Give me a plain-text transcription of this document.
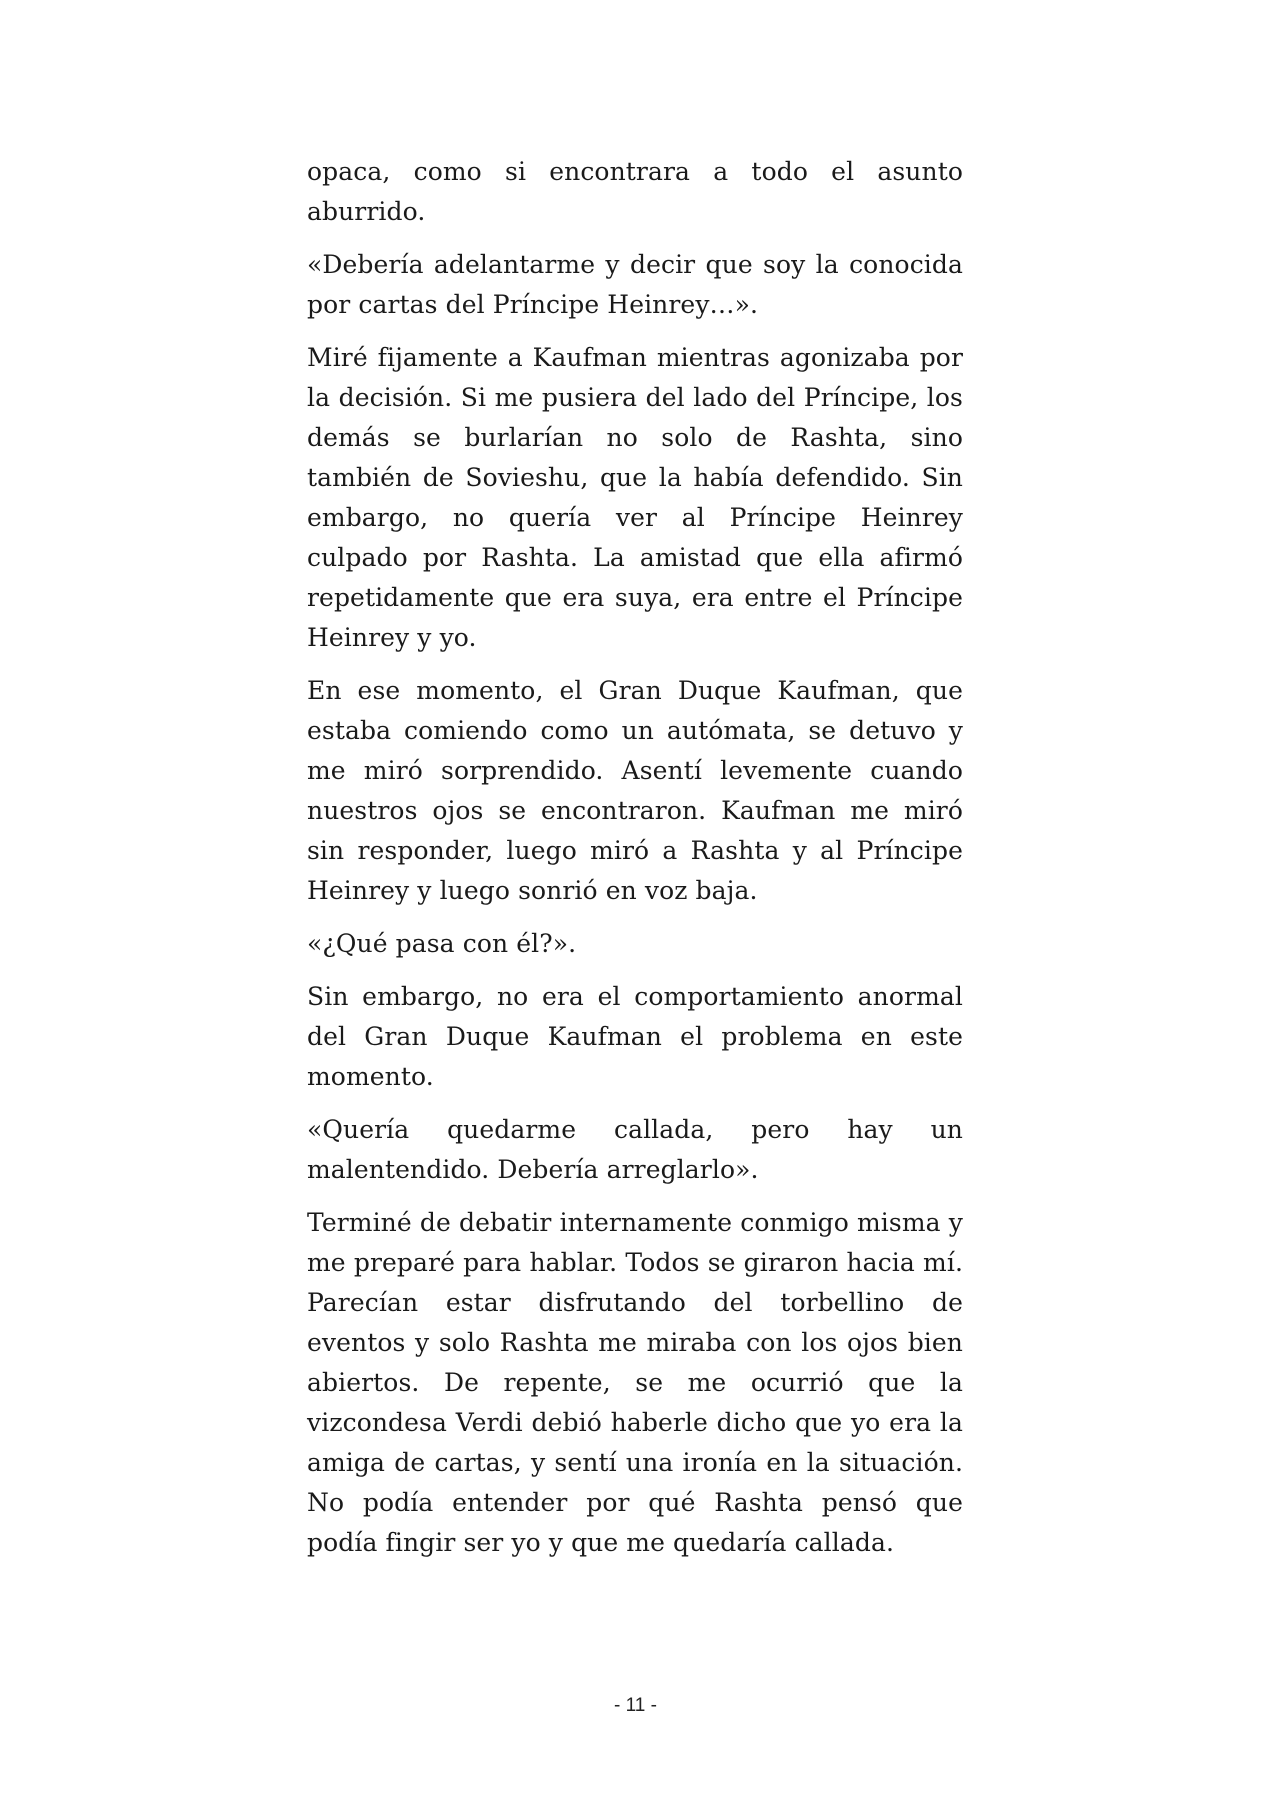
opaca, como si encontrara a todo el asunto aburrido.

«Debería adelantarme y decir que soy la conocida por cartas del Príncipe Heinrey…».

Miré fijamente a Kaufman mientras agonizaba por la decisión. Si me pusiera del lado del Príncipe, los demás se burlarían no solo de Rashta, sino también de Sovieshu, que la había defendido. Sin embargo, no quería ver al Príncipe Heinrey culpado por Rashta. La amistad que ella afirmó repetidamente que era suya, era entre el Príncipe Heinrey y yo.

En ese momento, el Gran Duque Kaufman, que estaba comiendo como un autómata, se detuvo y me miró sorprendido. Asentí levemente cuando nuestros ojos se encontraron. Kaufman me miró sin responder, luego miró a Rashta y al Príncipe Heinrey y luego sonrió en voz baja.

«¿Qué pasa con él?».

Sin embargo, no era el comportamiento anormal del Gran Duque Kaufman el problema en este momento.

«Quería quedarme callada, pero hay un malentendido. Debería arreglarlo».

Terminé de debatir internamente conmigo misma y me preparé para hablar. Todos se giraron hacia mí. Parecían estar disfrutando del torbellino de eventos y solo Rashta me miraba con los ojos bien abiertos. De repente, se me ocurrió que la vizcondesa Verdi debió haberle dicho que yo era la amiga de cartas, y sentí una ironía en la situación. No podía entender por qué Rashta pensó que podía fingir ser yo y que me quedaría callada.

- 11 -
